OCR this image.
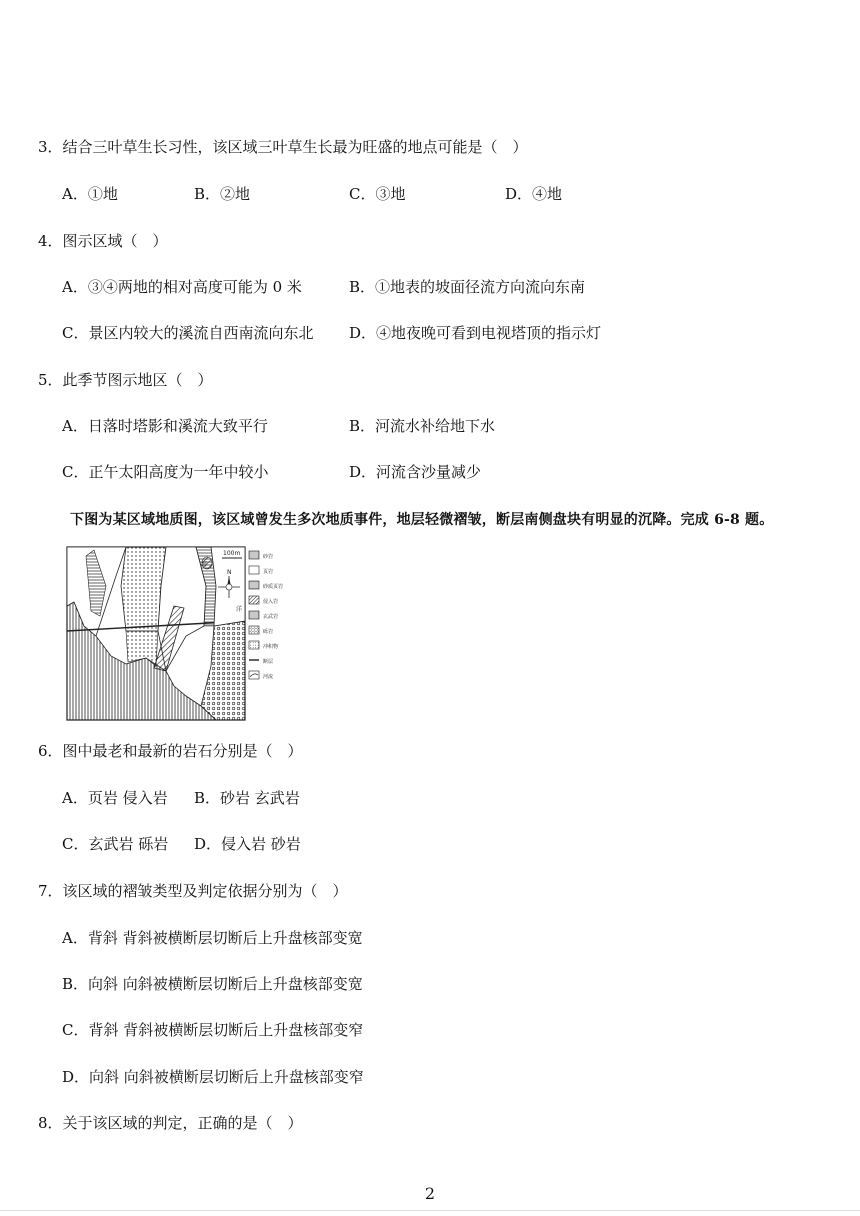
3．结合三叶草生长习性，该区域三叶草生长最为旺盛的地点可能是（　）
A．①地	B．②地	C．③地	D．④地
4．图示区域（　）
A．③④两地的相对高度可能为 0 米	B．①地表的坡面径流方向流向东南
C．景区内较大的溪流自西南流向东北 D．④地夜晚可看到电视塔顶的指示灯
5．此季节图示地区（　）
A．日落时塔影和溪流大致平行	B．河流水补给地下水
C．正午太阳高度为一年中较小	D．河流含沙量减少
下图为某区域地质图，该区域曾发生多次地质事件，地层轻微褶皱，断层南侧盘块有明显的沉降。完成 6-8 题。
洋
100m
N
砂岩
页岩
砂质页岩
侵入岩
玄武岩
砾岩
冲积物
断层
河流
6．图中最老和最新的岩石分别是（　）
A．页岩 侵入岩 B．砂岩 玄武岩
C．玄武岩 砾岩 D．侵入岩 砂岩
7．该区域的褶皱类型及判定依据分别为（　）
A．背斜 背斜被横断层切断后上升盘核部变宽
B．向斜 向斜被横断层切断后上升盘核部变宽
C．背斜 背斜被横断层切断后上升盘核部变窄
D．向斜 向斜被横断层切断后上升盘核部变窄
8．关于该区域的判定，正确的是（　）
2
